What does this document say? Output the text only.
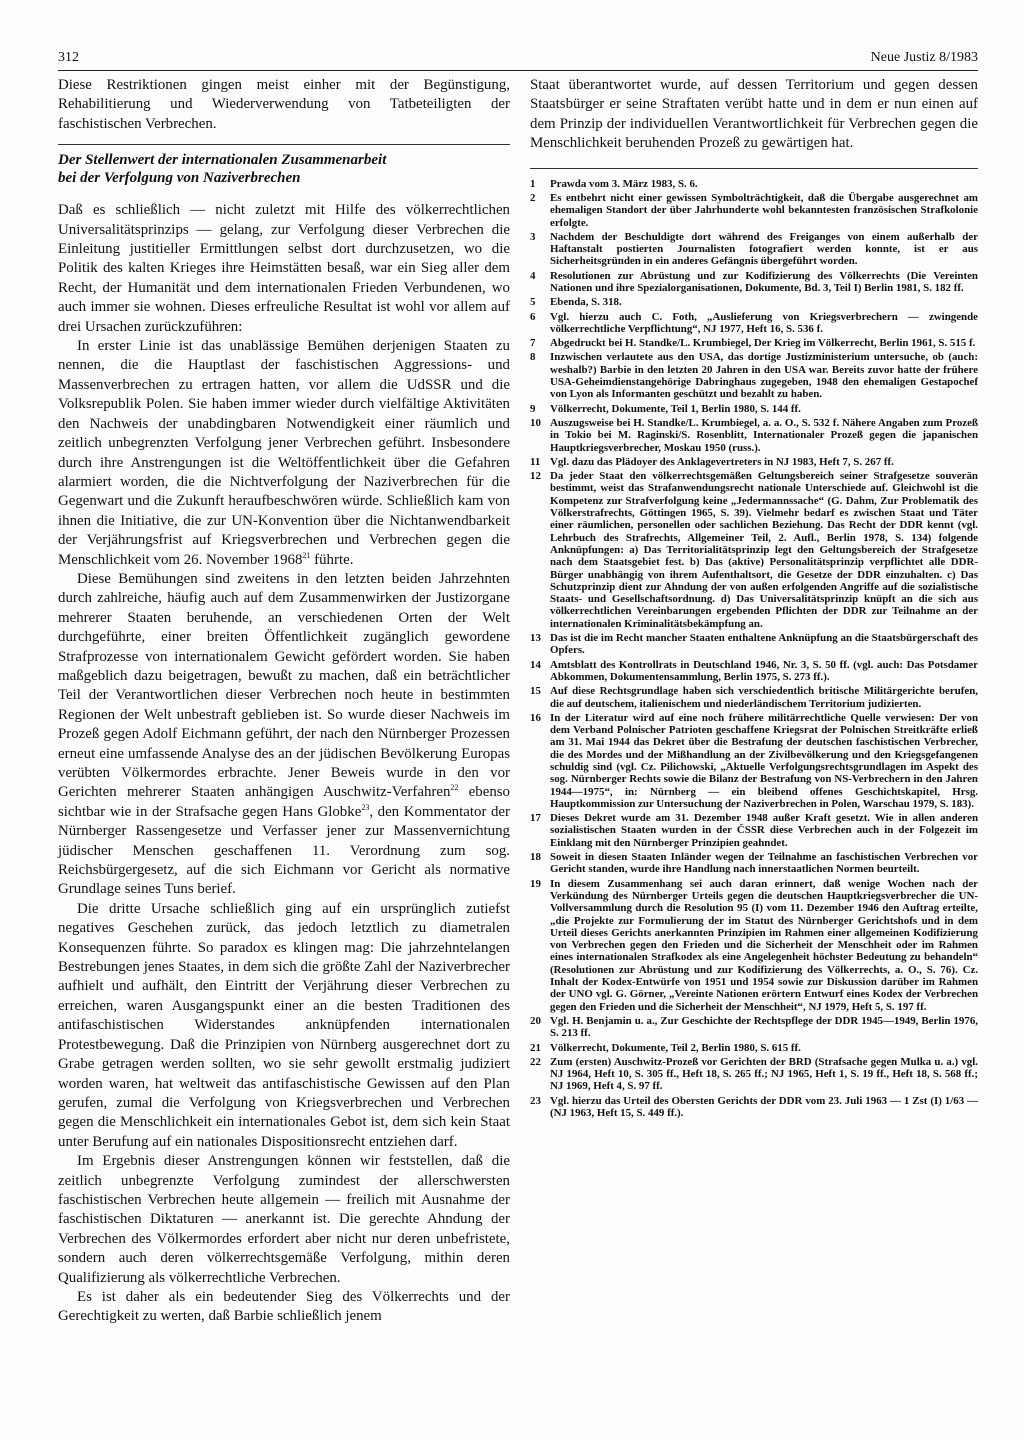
312	Neue Justiz 8/1983

Diese Restriktionen gingen meist einher mit der Begünstigung, Rehabilitierung und Wiederverwendung von Tatbeteiligten der faschistischen Verbrechen.

Der Stellenwert der internationalen Zusammenarbeit
bei der Verfolgung von Naziverbrechen

Daß es schließlich — nicht zuletzt mit Hilfe des völkerrechtlichen Universalitätsprinzips — gelang, zur Verfolgung dieser Verbrechen die Einleitung justitieller Ermittlungen selbst dort durchzusetzen, wo die Politik des kalten Krieges ihre Heimstätten besaß, war ein Sieg aller dem Recht, der Humanität und dem internationalen Frieden Verbundenen, wo auch immer sie wohnen. Dieses erfreuliche Resultat ist wohl vor allem auf drei Ursachen zurückzuführen:

In erster Linie ist das unablässige Bemühen derjenigen Staaten zu nennen, die die Hauptlast der faschistischen Aggressions- und Massenverbrechen zu ertragen hatten, vor allem die UdSSR und die Volksrepublik Polen. Sie haben immer wieder durch vielfältige Aktivitäten den Nachweis der unabdingbaren Notwendigkeit einer räumlich und zeitlich unbegrenzten Verfolgung jener Verbrechen geführt. Insbesondere durch ihre Anstrengungen ist die Weltöffentlichkeit über die Gefahren alarmiert worden, die die Nichtverfolgung der Naziverbrechen für die Gegenwart und die Zukunft heraufbeschwören würde. Schließlich kam von ihnen die Initiative, die zur UN-Konvention über die Nichtanwendbarkeit der Verjährungsfrist auf Kriegsverbrechen und Verbrechen gegen die Menschlichkeit vom 26. November 1968$^{21}$ führte.

Diese Bemühungen sind zweitens in den letzten beiden Jahrzehnten durch zahlreiche, häufig auch auf dem Zusammenwirken der Justizorgane mehrerer Staaten beruhende, an verschiedenen Orten der Welt durchgeführte, einer breiten Öffentlichkeit zugänglich gewordene Strafprozesse von internationalem Gewicht gefördert worden. Sie haben maßgeblich dazu beigetragen, bewußt zu machen, daß ein beträchtlicher Teil der Verantwortlichen dieser Verbrechen noch heute in bestimmten Regionen der Welt unbestraft geblieben ist. So wurde dieser Nachweis im Prozeß gegen Adolf Eichmann geführt, der nach den Nürnberger Prozessen erneut eine umfassende Analyse des an der jüdischen Bevölkerung Europas verübten Völkermordes erbrachte. Jener Beweis wurde in den vor Gerichten mehrerer Staaten anhängigen Auschwitz-Verfahren$^{22}$ ebenso sichtbar wie in der Strafsache gegen Hans Globke$^{23}$, den Kommentator der Nürnberger Rassengesetze und Verfasser jener zur Massenvernichtung jüdischer Menschen geschaffenen 11. Verordnung zum sog. Reichsbürgergesetz, auf die sich Eichmann vor Gericht als normative Grundlage seines Tuns berief.

Die dritte Ursache schließlich ging auf ein ursprünglich zutiefst negatives Geschehen zurück, das jedoch letztlich zu diametralen Konsequenzen führte. So paradox es klingen mag: Die jahrzehntelangen Bestrebungen jenes Staates, in dem sich die größte Zahl der Naziverbrecher aufhielt und aufhält, den Eintritt der Verjährung dieser Verbrechen zu erreichen, waren Ausgangspunkt einer an die besten Traditionen des antifaschistischen Widerstandes anknüpfenden internationalen Protestbewegung. Daß die Prinzipien von Nürnberg ausgerechnet dort zu Grabe getragen werden sollten, wo sie sehr gewollt erstmalig judiziert worden waren, hat weltweit das antifaschistische Gewissen auf den Plan gerufen, zumal die Verfolgung von Kriegsverbrechen und Verbrechen gegen die Menschlichkeit ein internationales Gebot ist, dem sich kein Staat unter Berufung auf ein nationales Dispositionsrecht entziehen darf.

Im Ergebnis dieser Anstrengungen können wir feststellen, daß die zeitlich unbegrenzte Verfolgung zumindest der allerschwersten faschistischen Verbrechen heute allgemein — freilich mit Ausnahme der faschistischen Diktaturen — anerkannt ist. Die gerechte Ahndung der Verbrechen des Völkermordes erfordert aber nicht nur deren unbefristete, sondern auch deren völkerrechtsgemäße Verfolgung, mithin deren Qualifizierung als völkerrechtliche Verbrechen.

Es ist daher als ein bedeutender Sieg des Völkerrechts und der Gerechtigkeit zu werten, daß Barbie schließlich jenem

Staat überantwortet wurde, auf dessen Territorium und gegen dessen Staatsbürger er seine Straftaten verübt hatte und in dem er nun einen auf dem Prinzip der individuellen Verantwortlichkeit für Verbrechen gegen die Menschlichkeit beruhenden Prozeß zu gewärtigen hat.

1	Prawda vom 3. März 1983, S. 6.
2	Es entbehrt nicht einer gewissen Symbolträchtigkeit, daß die Übergabe ausgerechnet am ehemaligen Standort der über Jahrhunderte wohl bekanntesten französischen Strafkolonie erfolgte.
3	Nachdem der Beschuldigte dort während des Freiganges von einem außerhalb der Haftanstalt postierten Journalisten fotografiert werden konnte, ist er aus Sicherheitsgründen in ein anderes Gefängnis übergeführt worden.
4	Resolutionen zur Abrüstung und zur Kodifizierung des Völkerrechts (Die Vereinten Nationen und ihre Spezialorganisationen, Dokumente, Bd. 3, Teil I) Berlin 1981, S. 182 ff.
5	Ebenda, S. 318.
6	Vgl. hierzu auch C. Foth, „Auslieferung von Kriegsverbrechern — zwingende völkerrechtliche Verpflichtung“, NJ 1977, Heft 16, S. 536 f.
7	Abgedruckt bei H. Standke/L. Krumbiegel, Der Krieg im Völkerrecht, Berlin 1961, S. 515 f.
8	Inzwischen verlautete aus den USA, das dortige Justizministerium untersuche, ob (auch: weshalb?) Barbie in den letzten 20 Jahren in den USA war. Bereits zuvor hatte der frühere USA-Geheimdienstangehörige Dabringhaus zugegeben, 1948 den ehemaligen Gestapochef von Lyon als Informanten geschützt und bezahlt zu haben.
9	Völkerrecht, Dokumente, Teil 1, Berlin 1980, S. 144 ff.
10 Auszugsweise bei H. Standke/L. Krumbiegel, a. a. O., S. 532 f. Nähere Angaben zum Prozeß in Tokio bei M. Raginski/S. Rosenblitt, Internationaler Prozeß gegen die japanischen Hauptkriegsverbrecher, Moskau 1950 (russ.).
11 Vgl. dazu das Plädoyer des Anklagevertreters in NJ 1983, Heft 7, S. 267 ff.
12 Da jeder Staat den völkerrechtsgemäßen Geltungsbereich seiner Strafgesetze souverän bestimmt, weist das Strafanwendungsrecht nationale Unterschiede auf. Gleichwohl ist die Kompetenz zur Strafverfolgung keine „Jedermannssache“ (G. Dahm, Zur Problematik des Völkerstrafrechts, Göttingen 1965, S. 39). Vielmehr bedarf es zwischen Staat und Täter einer räumlichen, personellen oder sachlichen Beziehung. Das Recht der DDR kennt (vgl. Lehrbuch des Strafrechts, Allgemeiner Teil, 2. Aufl., Berlin 1978, S. 134) folgende Anknüpfungen: a) Das Territorialitätsprinzip legt den Geltungsbereich der Strafgesetze nach dem Staatsgebiet fest. b) Das (aktive) Personalitätsprinzip verpflichtet alle DDR-Bürger unabhängig von ihrem Aufenthaltsort, die Gesetze der DDR einzuhalten. c) Das Schutzprinzip dient zur Ahndung der von außen erfolgenden Angriffe auf die sozialistische Staats- und Gesellschaftsordnung. d) Das Universalitätsprinzip knüpft an die sich aus völkerrechtlichen Vereinbarungen ergebenden Pflichten der DDR zur Teilnahme an der internationalen Kriminalitätsbekämpfung an.
13 Das ist die im Recht mancher Staaten enthaltene Anknüpfung an die Staatsbürgerschaft des Opfers.
14 Amtsblatt des Kontrollrats in Deutschland 1946, Nr. 3, S. 50 ff. (vgl. auch: Das Potsdamer Abkommen, Dokumentensammlung, Berlin 1975, S. 273 ff.).
15 Auf diese Rechtsgrundlage haben sich verschiedentlich britische Militärgerichte berufen, die auf deutschem, italienischem und niederländischem Territorium judizierten.
16 In der Literatur wird auf eine noch frühere militärrechtliche Quelle verwiesen: Der von dem Verband Polnischer Patrioten geschaffene Kriegsrat der Polnischen Streitkräfte erließ am 31. Mai 1944 das Dekret über die Bestrafung der deutschen faschistischen Verbrecher, die des Mordes und der Mißhandlung an der Zivilbevölkerung und den Kriegsgefangenen schuldig sind (vgl. Cz. Pilichowski, „Aktuelle Verfolgungsrechtsgrundlagen im Aspekt des sog. Nürnberger Rechts sowie die Bilanz der Bestrafung von NS-Verbrechern in den Jahren 1944—1975“, in: Nürnberg — ein bleibend offenes Geschichtskapitel, Hrsg. Hauptkommission zur Untersuchung der Naziverbrechen in Polen, Warschau 1979, S. 183).
17 Dieses Dekret wurde am 31. Dezember 1948 außer Kraft gesetzt. Wie in allen anderen sozialistischen Staaten wurden in der ČSSR diese Verbrechen auch in der Folgezeit im Einklang mit den Nürnberger Prinzipien geahndet.
18 Soweit in diesen Staaten Inländer wegen der Teilnahme an faschistischen Verbrechen vor Gericht standen, wurde ihre Handlung nach innerstaatlichen Normen beurteilt.
19 In diesem Zusammenhang sei auch daran erinnert, daß wenige Wochen nach der Verkündung des Nürnberger Urteils gegen die deutschen Hauptkriegsverbrecher die UN-Vollversammlung durch die Resolution 95 (I) vom 11. Dezember 1946 den Auftrag erteilte, „die Projekte zur Formulierung der im Statut des Nürnberger Gerichtshofs und in dem Urteil dieses Gerichts anerkannten Prinzipien im Rahmen einer allgemeinen Kodifizierung von Verbrechen gegen den Frieden und die Sicherheit der Menschheit oder im Rahmen eines internationalen Strafkodex als eine Angelegenheit höchster Bedeutung zu behandeln“ (Resolutionen zur Abrüstung und zur Kodifizierung des Völkerrechts, a. O., S. 76). Cz. Inhalt der Kodex-Entwürfe von 1951 und 1954 sowie zur Diskussion darüber im Rahmen der UNO vgl. G. Görner, „Vereinte Nationen erörtern Entwurf eines Kodex der Verbrechen gegen den Frieden und die Sicherheit der Menschheit“, NJ 1979, Heft 5, S. 197 ff.
20 Vgl. H. Benjamin u. a., Zur Geschichte der Rechtspflege der DDR 1945—1949, Berlin 1976, S. 213 ff.
21 Völkerrecht, Dokumente, Teil 2, Berlin 1980, S. 615 ff.
22 Zum (ersten) Auschwitz-Prozeß vor Gerichten der BRD (Strafsache gegen Mulka u. a.) vgl. NJ 1964, Heft 10, S. 305 ff., Heft 18, S. 265 ff.; NJ 1965, Heft 1, S. 19 ff., Heft 18, S. 568 ff.; NJ 1969, Heft 4, S. 97 ff.
23 Vgl. hierzu das Urteil des Obersten Gerichts der DDR vom 23. Juli 1963 — 1 Zst (I) 1/63 — (NJ 1963, Heft 15, S. 449 ff.).
